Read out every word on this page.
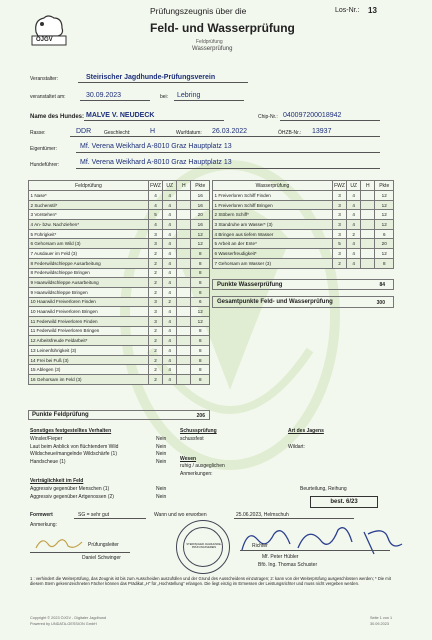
ÖJGV
Prüfungszeugnis über die	Los-Nr.: 13
Feld- und Wasserprüfung
Feldprüfung
Wasserprüfung
Veranstalter:	Steirischer Jagdhunde-Prüfungsverein
veranstaltet am:	30.09.2023	bei: Lebring
Name des Hundes: MALVE V. NEUDECK	Chip-Nr.: 040097200018942
Rasse:	DDR	Geschlecht:	H	Wurfdatum: 26.03.2022	ÖHZB-Nr.: 13937
Eigentümer:	Mf. Verena Weikhard A-8010 Graz Hauptplatz 13
Hundeführer:	Mf. Verena Weikhard A-8010 Graz Hauptplatz 13
Feldprüfung	FWZ	UZ	H	Pkte
1 Nase*	4	4		16
2 Suchenstil*	4	4		16
3 Vorstehen*	5	4		20
4 An- bzw. Nachziehen*	4	4		16
5 Führigkeit*	3	4		12
6 Gehorsam am Wild (3)	3	4		12
7 Ausdauer im Feld (3)	2	4		8
8 Federwildschleppe Ausarbeitung	2	4		8
8 Federwildschleppe Bringen	2	4		8
9 Haarwildschleppe Ausarbeitung	2	4		8
9 Haarwildschleppe Bringen	2	4		8
10 Haarwild Freiverloren Finden	3	2		6
10 Haarwild Freiverloren Bringen	3	4		12
11 Federwild Freiverloren Finden	3	4		12
11 Federwild Freiverloren Bringen	2	4		8
12 Arbeitsfreude Feldarbeit*	2	4		8
13 Leinenführigkeit (3)	2	4		8
14 Frei bei Fuß (3)	2	4		8
15 Ablegen (3)	2	4		8
16 Gehorsam im Feld (3)	2	4		8
Punkte Feldprüfung	206
Wasserprüfung	FWZ	UZ	H	Pkte
1 Freiverloren Schiff Finden	3	4		12
1 Freiverloren Schiff Bringen	3	4		12
2 Stöbern Schiff*	3	4		12
3 Standruhe am Wasser* (3)	3	4		12
4 Bringen aus tiefem Wasser	3	2		6
5 Arbeit an der Ente*	5	4		20
6 Wasserfreudigkeit*	3	4		12
7 Gehorsam am Wasser (3)	2	4		8
Punkte Wasserprüfung	84
Gesamtpunkte Feld- und Wasserprüfung	300
Sonstiges festgestelltes Verhalten
Winsler/Fieper	Nein
Laut beim Anblick von flüchtendem Wild	Nein
Wildscheue/mangelnde Wildschärfe (1)	Nein
Handscheue (1)	Nein
Schussprüfung
schussfest
Wesen
ruhig / ausgeglichen
Anmerkungen:
Art des Jagens
Wildart:
Verträglichkeit im Feld
Aggressiv gegenüber Menschen (1)	Nein
Aggressiv gegenüber Artgenossen (2)	Nein
Beurteilung, Reihung
best. 6/23
Formwert	SG = sehr gut	Wann und wo erworben	25.06.2023, Helmschuh
Anmerkung:
Prüfungsleiter
Daniel Schwinger
STEIRISCHER JAGDHUNDE-PRÜFUNGSVEREIN	Richter
Mf. Peter Hübler
Bfö. Ing. Thomas Schuster
1 : verhindert die Weiterprüfung, das Zeugnis ist bis zum Ausscheiden auszufüllen und der Grund des Ausscheidens einzutragen; 2: kann von der Weiterprüfung ausgeschlossen werden; * Die mit diesem Stern gekennzeichneten Fächer können das Prädikat „H“ für „Hochstellung“ erlangen. Die liegt einzig im Ermessen der Leistungsrichter und muss nicht vergeben werden.
Copyright © 2023 ÖJGV - Digitaler Jagdhund
Powered by UNDATA-GESSION GmbH
Seite 1 von 1
30.09.2023
